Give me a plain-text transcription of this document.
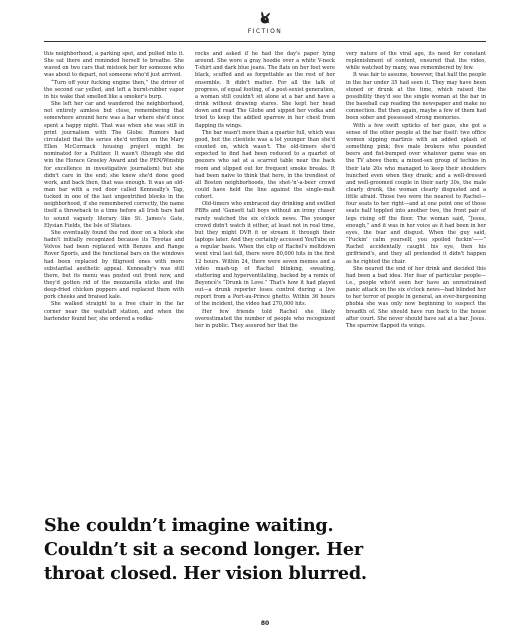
FICTION

this neighborhood, a parking spot, and pulled into it. She sat there and reminded herself to breathe. She waved on two cars that mistook her for someone who was about to depart, not someone who'd just arrived.

“Turn off your fucking engine then,” the driver of the second car yelled, and left a burnt-rubber vapor in his wake that smelled like a smoker's burp.

She left her car and wandered the neighborhood, not entirely aimless but close, remembering that somewhere around here was a bar where she'd once spent a happy night. That was when she was still in print journalism with The Globe. Rumors had circulated that the series she'd written on the Mary Ellen McCormack housing project might be nominated for a Pulitzer. It wasn't (though she did win the Horace Greeley Award and the PEN/Winship for excellence in investigative journalism) but she didn't care in the end; she knew she'd done good work, and back then, that was enough. It was an old-man bar with a red door called Kenneally's Tap, tucked in one of the last ungentrified blocks in the neighborhood, if she remembered correctly, the name itself a throwback to a time before all Irish bars had to sound vaguely literary like St. James's Gate, Elysian Fields, the Isle of Statues.

She eventually found the red door on a block she hadn't initially recognized because its Toyotas and Volvos had been replaced with Benzes and Range Rover Sports, and the functional bars on the windows had been replaced by filigreed ones with more substantial aesthetic appeal. Kenneally's was still there, but its menu was posted out front now, and they'd gotten rid of the mozzarella sticks and the deep-fried chicken poppers and replaced them with pork cheeks and braised kale.

She walked straight to a free chair in the far corner near the waitstaff station, and when the bartender found her, she ordered a vodka-

rocks and asked if he had the day's paper lying around. She wore a gray hoodie over a white V-neck T-shirt and dark blue jeans. The flats on her feet were black, scuffed and as forgettable as the rest of her ensemble. It didn't matter. For all the talk of progress, of equal footing, of a post-sexist generation, a woman still couldn't sit alone at a bar and have a drink without drawing stares. She kept her head down and read The Globe and sipped her vodka and tried to keep the addled sparrow in her chest from flapping its wings.

The bar wasn't more than a quarter full, which was good, but the clientele was a lot younger than she'd counted on, which wasn't. The old-timers she'd expected to find had been reduced to a quartet of geezers who sat at a scarred table near the back room and slipped out for frequent smoke breaks. It had been naive to think that here, in the trendiest of all Boston neighborhoods, the shot-'n'-a-beer crowd could have held the line against the single-malt cohort.

Old-timers who embraced day drinking and swilled PBRs and 'Gansett tall boys without an irony chaser rarely watched the six o'clock news. The younger crowd didn't watch it either, at least not in real time, but they might DVR it or stream it through their laptops later. And they certainly accessed YouTube on a regular basis. When the clip of Rachel's meltdown went viral last fall, there were 80,000 hits in the first 12 hours. Within 24, there were seven memes and a video mash-up of Rachel blinking, sweating, stuttering and hyperventilating, backed by a remix of Beyoncé's “Drunk in Love.” That's how it had played out—a drunk reporter loses control during a live report from a Port-au-Prince ghetto. Within 36 hours of the incident, the video had 270,000 hits.

Her few friends told Rachel she likely overestimated the number of people who recognized her in public. They assured her that the

very nature of the viral age, its need for constant replenishment of content, ensured that the video, while watched by many, was remembered by few.

It was fair to assume, however, that half the people in the bar under 35 had seen it. They may have been stoned or drunk at the time, which raised the possibility they'd see the single woman at the bar in the baseball cap reading the newspaper and make no connection. But then again, maybe a few of them had been sober and possessed strong memories.

With a few swift upticks of her gaze, she got a sense of the other people at the bar itself: two office women sipping martinis with an added splash of something pink; five male brokers who pounded beers and fist-bumped over whatever game was on the TV above them; a mixed-sex group of techies in their late 20s who managed to keep their shoulders hunched even when they drank; and a well-dressed and well-groomed couple in their early 30s, the male clearly drunk, the woman clearly disgusted and a little afraid. Those two were the nearest to Rachel—four seats to her right—and at one point one of those seats half toppled into another two, the front pair of legs rising off the floor. The woman said, “Jesus, enough,” and it was in her voice as it had been in her eyes, the fear and disgust. When the guy said, “Fuckin' calm yourself, you spoiled fuckin'——” Rachel accidentally caught his eye, then his girlfriend's, and they all pretended it didn't happen as he righted the chair.

She neared the end of her drink and decided this had been a bad idea. Her fear of particular people—i.e., people who'd seen her have an unrestrained panic attack on the six o'clock news—had blinded her to her terror of people in general, an ever-burgeoning phobia she was only now beginning to suspect the breadth of. She should have run back to the house after court. She never should have sat at a bar. Jesus. The sparrow flapped its wings.

She couldn’t imagine waiting.
Couldn’t sit a second longer. Her
throat closed. Her vision blurred.
80
